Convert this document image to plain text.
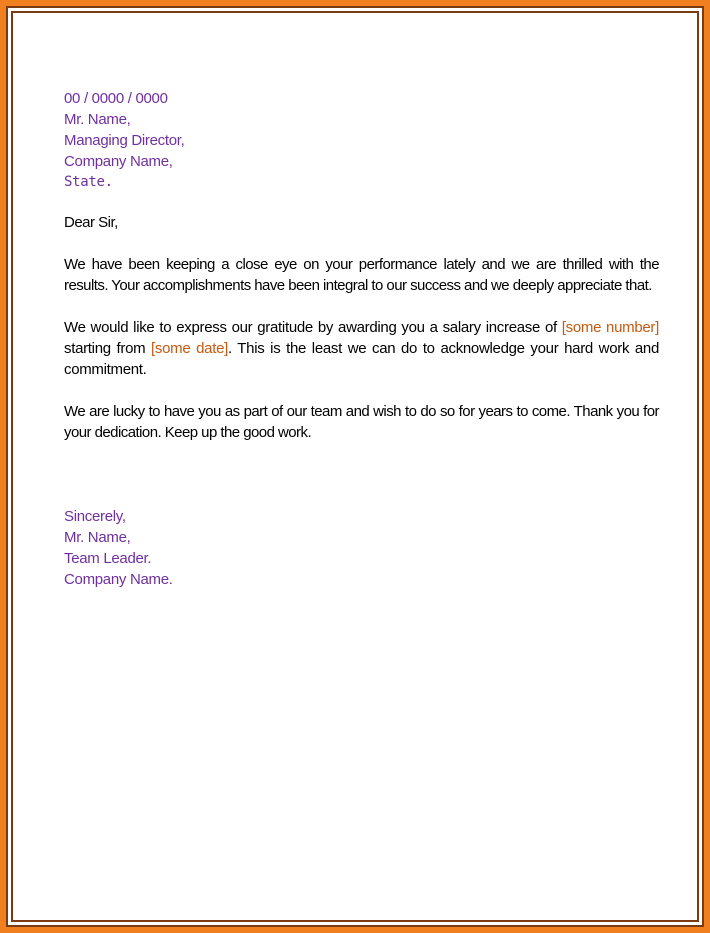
00 / 0000 / 0000
Mr. Name,
Managing Director,
Company Name,
State.
Dear Sir,

We have been keeping a close eye on your performance lately and we are thrilled with the results. Your accomplishments have been integral to our success and we deeply appreciate that.

We would like to express our gratitude by awarding you a salary increase of [some number] starting from [some date]. This is the least we can do to acknowledge your hard work and commitment.

We are lucky to have you as part of our team and wish to do so for years to come. Thank you for your dedication. Keep up the good work.

Sincerely,
Mr. Name,
Team Leader.
Company Name.
